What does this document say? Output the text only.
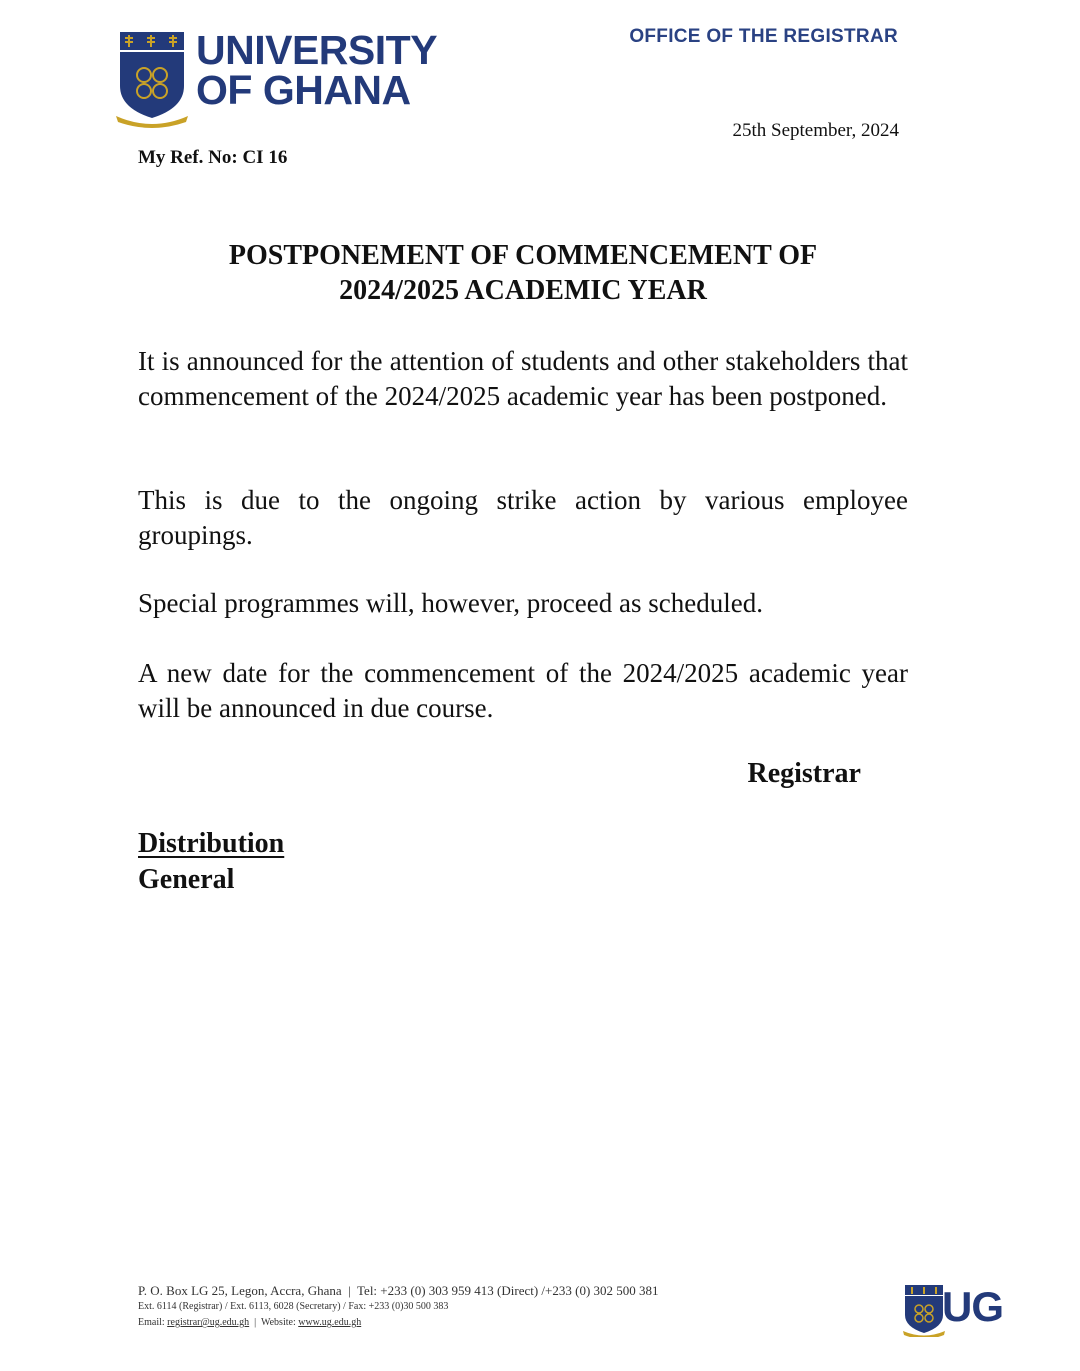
UNIVERSITY
OF GHANA
OFFICE OF THE REGISTRAR
25th September, 2024
My Ref. No: CI 16
POSTPONEMENT OF COMMENCEMENT OF
2024/2025 ACADEMIC YEAR
It is announced for the attention of students and other stakeholders that commencement of the 2024/2025 academic year has been postponed.
This is due to the ongoing strike action by various employee groupings.
Special programmes will, however, proceed as scheduled.
A new date for the commencement of the 2024/2025 academic year will be announced in due course.
Registrar
Distribution
General
P. O. Box LG 25, Legon, Accra, Ghana  |  Tel: +233 (0) 303 959 413 (Direct) /+233 (0) 302 500 381
Ext. 6114 (Registrar) / Ext. 6113, 6028 (Secretary) / Fax: +233 (0)30 500 383
Email: registrar@ug.edu.gh  |  Website: www.ug.edu.gh	UG
